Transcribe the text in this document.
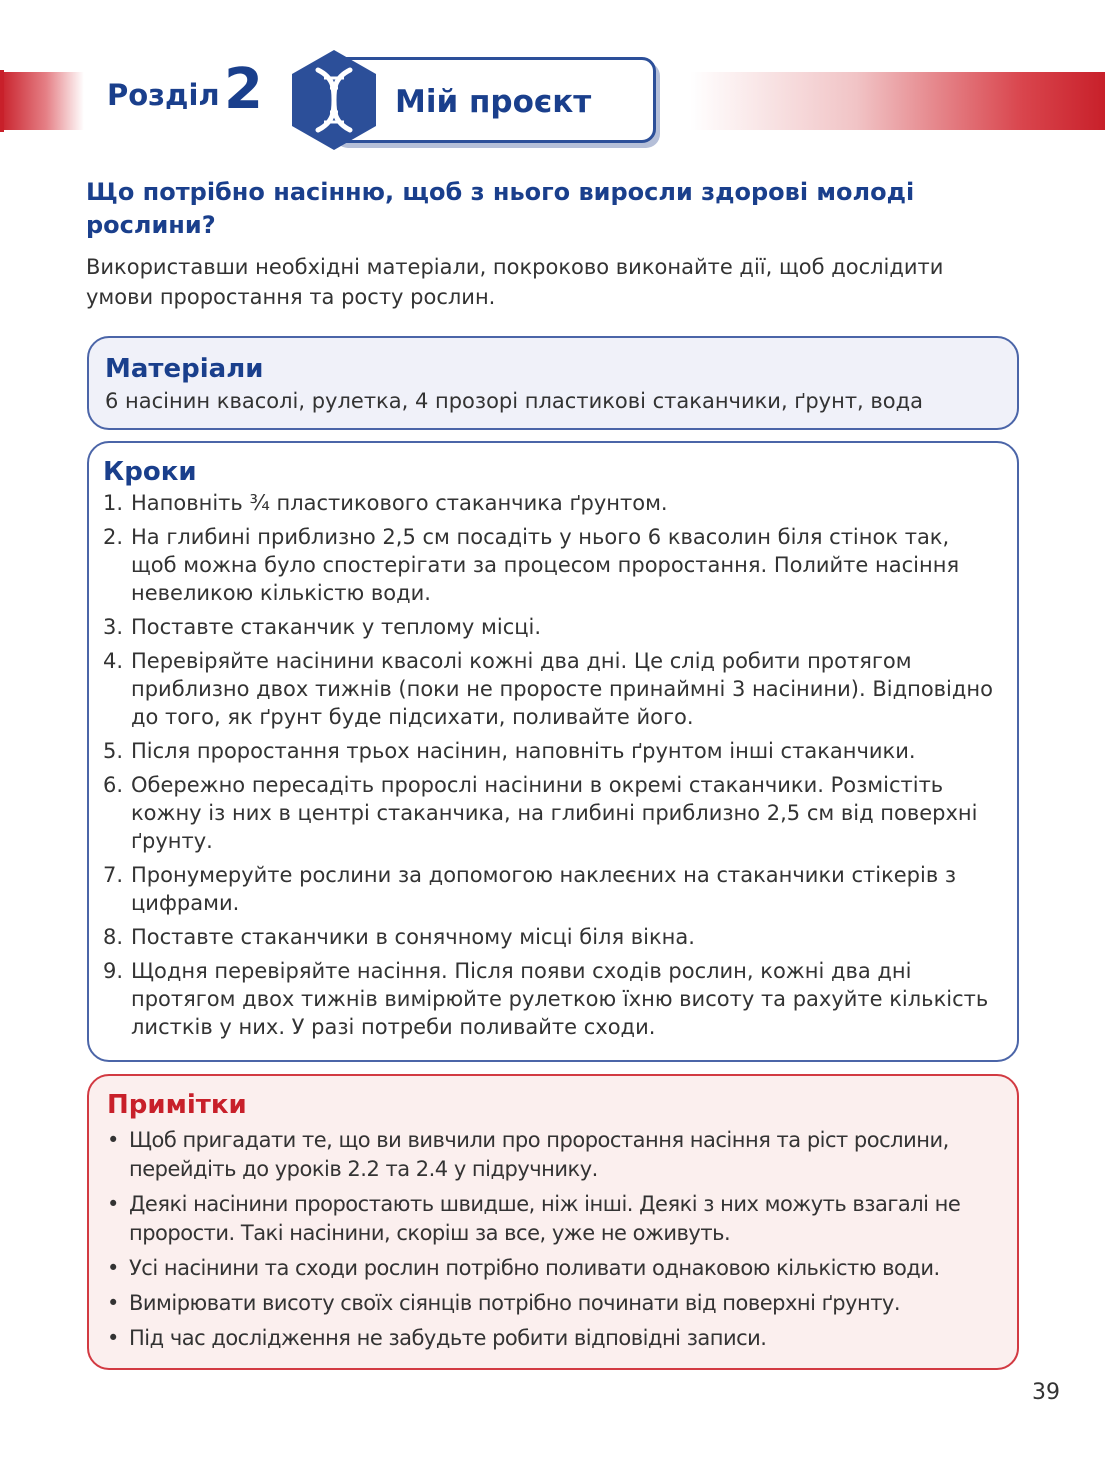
Розділ 2	Мій проєкт
Що потрібно насінню, щоб з нього виросли здорові молоді рослини?
Використавши необхідні матеріали, покроково виконайте дії, щоб дослідити умови проростання та росту рослин.

Матеріали

6 насінин квасолі, рулетка, 4 прозорі пластикові стаканчики, ґрунт, вода

Кроки

1. Наповніть ¾ пластикового стаканчика ґрунтом.
2. На глибині приблизно 2,5 см посадіть у нього 6 квасолин біля стінок так, щоб можна було спостерігати за процесом проростання. Полийте насіння невеликою кількістю води.
3. Поставте стаканчик у теплому місці.
4. Перевіряйте насінини квасолі кожні два дні. Це слід робити протягом приблизно двох тижнів (поки не проросте принаймні 3 насінини). Відповідно до того, як ґрунт буде підсихати, поливайте його.
5. Після проростання трьох насінин, наповніть ґрунтом інші стаканчики.
6. Обережно пересадіть пророслі насінини в окремі стаканчики. Розмістіть кожну із них в центрі стаканчика, на глибині приблизно 2,5 см від поверхні ґрунту.
7. Пронумеруйте рослини за допомогою наклеєних на стаканчики стікерів з цифрами.
8. Поставте стаканчики в сонячному місці біля вікна.
9. Щодня перевіряйте насіння. Після появи сходів рослин, кожні два дні протягом двох тижнів вимірюйте рулеткою їхню висоту та рахуйте кількість листків у них. У разі потреби поливайте сходи.

Примітки

• Щоб пригадати те, що ви вивчили про проростання насіння та ріст рослини, перейдіть до уроків 2.2 та 2.4 у підручнику.
• Деякі насінини проростають швидше, ніж інші. Деякі з них можуть взагалі не прорости. Такі насінини, скоріш за все, уже не оживуть.
• Усі насінини та сходи рослин потрібно поливати однаковою кількістю води.
• Вимірювати висоту своїх сіянців потрібно починати від поверхні ґрунту.
• Під час дослідження не забудьте робити відповідні записи.
39
